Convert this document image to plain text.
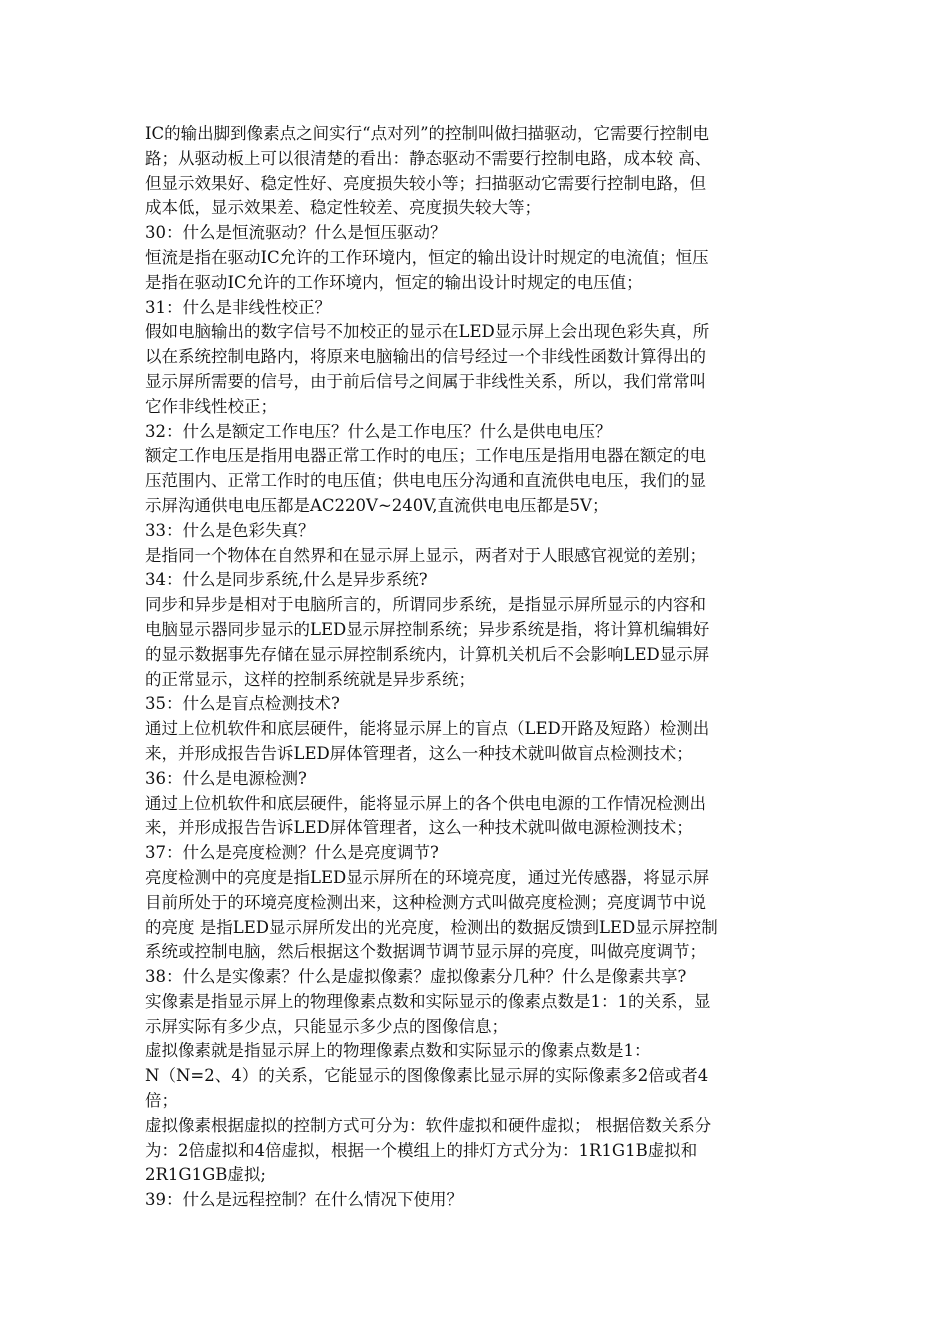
IC的输出脚到像素点之间实行“点对列”的控制叫做扫描驱动，它需要行控制电
路；从驱动板上可以很清楚的看出：静态驱动不需要行控制电路，成本较 高、
但显示效果好、稳定性好、亮度损失较小等；扫描驱动它需要行控制电路，但
成本低，显示效果差、稳定性较差、亮度损失较大等；
30：什么是恒流驱动？什么是恒压驱动？
恒流是指在驱动IC允许的工作环境内，恒定的输出设计时规定的电流值；恒压
是指在驱动IC允许的工作环境内，恒定的输出设计时规定的电压值；
31：什么是非线性校正？
假如电脑输出的数字信号不加校正的显示在LED显示屏上会出现色彩失真，所
以在系统控制电路内，将原来电脑输出的信号经过一个非线性函数计算得出的
显示屏所需要的信号，由于前后信号之间属于非线性关系，所以，我们常常叫
它作非线性校正；
32：什么是额定工作电压？什么是工作电压？什么是供电电压？
额定工作电压是指用电器正常工作时的电压；工作电压是指用电器在额定的电
压范围内、正常工作时的电压值；供电电压分沟通和直流供电电压，我们的显
示屏沟通供电电压都是AC220V~240V,直流供电电压都是5V；
33：什么是色彩失真？
是指同一个物体在自然界和在显示屏上显示，两者对于人眼感官视觉的差别；
34：什么是同步系统,什么是异步系统?
同步和异步是相对于电脑所言的，所谓同步系统，是指显示屏所显示的内容和
电脑显示器同步显示的LED显示屏控制系统；异步系统是指，将计算机编辑好
的显示数据事先存储在显示屏控制系统内，计算机关机后不会影响LED显示屏
的正常显示，这样的控制系统就是异步系统；
35：什么是盲点检测技术?
通过上位机软件和底层硬件，能将显示屏上的盲点（LED开路及短路）检测出
来，并形成报告告诉LED屏体管理者，这么一种技术就叫做盲点检测技术；
36：什么是电源检测?
通过上位机软件和底层硬件，能将显示屏上的各个供电电源的工作情况检测出
来，并形成报告告诉LED屏体管理者，这么一种技术就叫做电源检测技术；
37：什么是亮度检测？什么是亮度调节?
亮度检测中的亮度是指LED显示屏所在的环境亮度，通过光传感器，将显示屏
目前所处于的环境亮度检测出来，这种检测方式叫做亮度检测；亮度调节中说
的亮度 是指LED显示屏所发出的光亮度，检测出的数据反馈到LED显示屏控制
系统或控制电脑，然后根据这个数据调节调节显示屏的亮度，叫做亮度调节；
38：什么是实像素？什么是虚拟像素？虚拟像素分几种？什么是像素共享?
实像素是指显示屏上的物理像素点数和实际显示的像素点数是1：1的关系，显
示屏实际有多少点，只能显示多少点的图像信息；
虚拟像素就是指显示屏上的物理像素点数和实际显示的像素点数是1：
N（N=2、4）的关系，它能显示的图像像素比显示屏的实际像素多2倍或者4
倍；
虚拟像素根据虚拟的控制方式可分为：软件虚拟和硬件虚拟； 根据倍数关系分
为：2倍虚拟和4倍虚拟，根据一个模组上的排灯方式分为：1R1G1B虚拟和
2R1G1GB虚拟;
39：什么是远程控制？在什么情况下使用？
